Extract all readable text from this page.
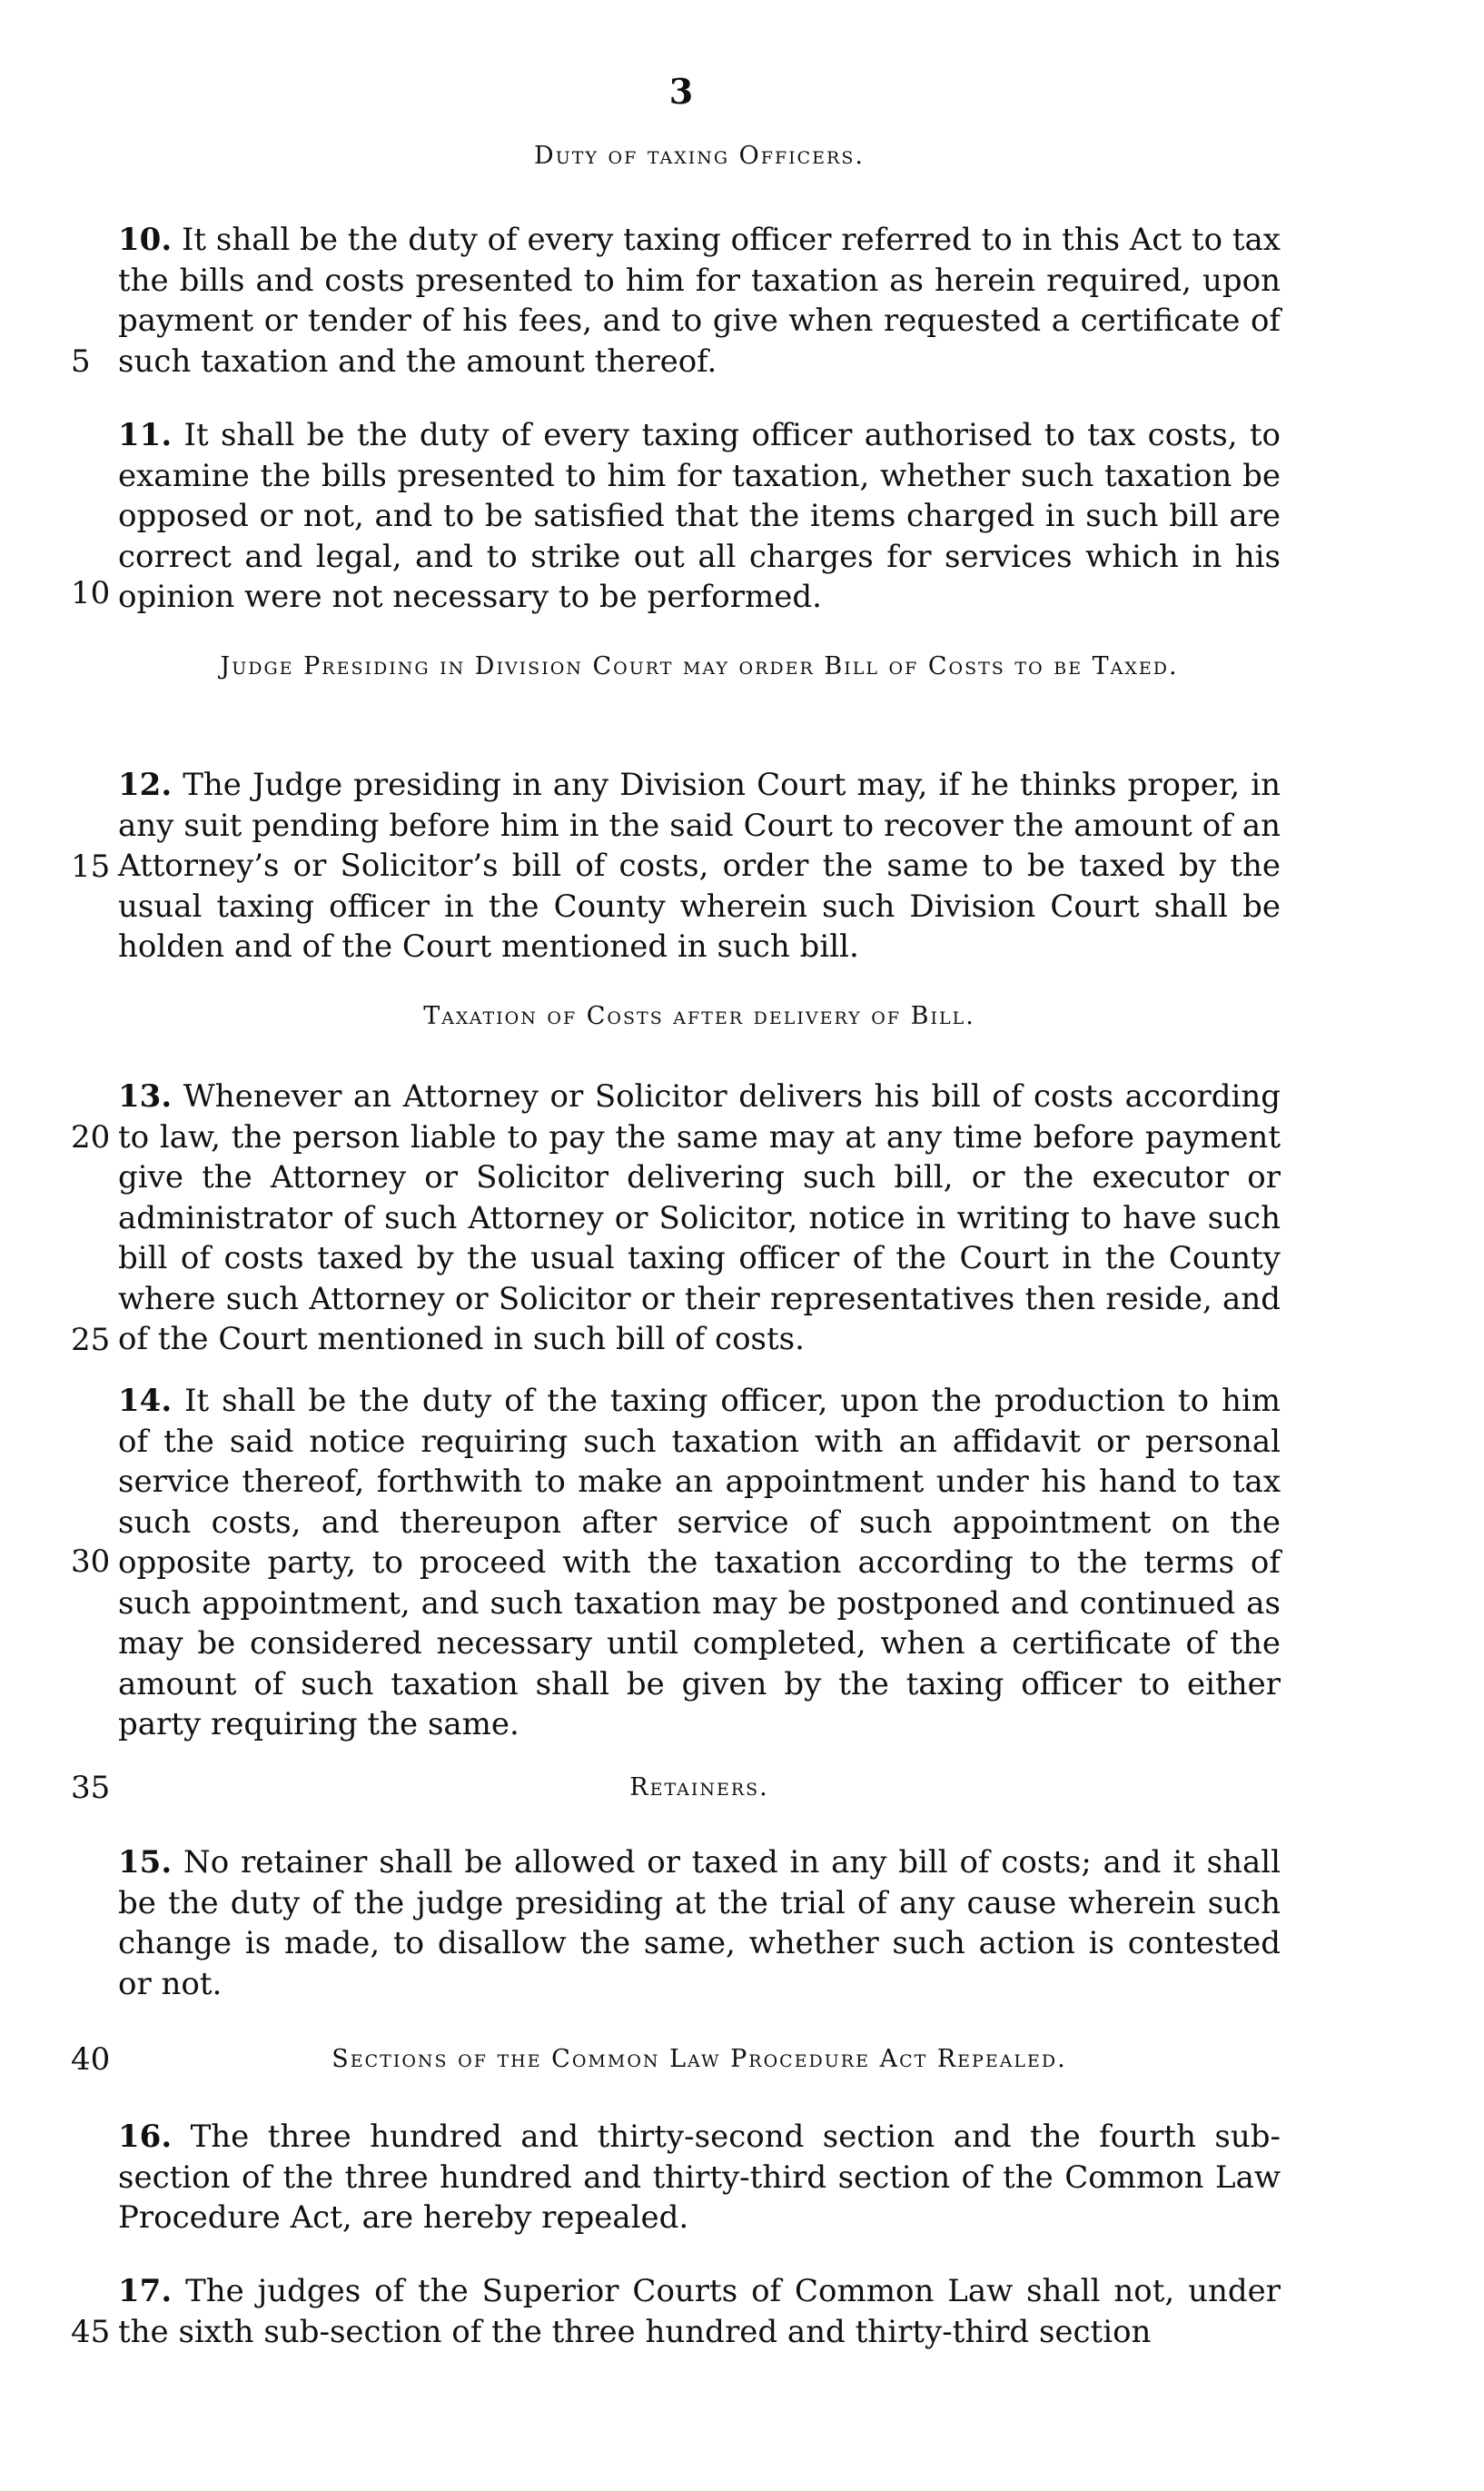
3
Duty of taxing Officers.
10. It shall be the duty of every taxing officer referred to in this Act to tax the bills and costs presented to him for taxation as herein required, upon payment or tender of his fees, and to give when requested a certificate of such taxation and the amount thereof.
11. It shall be the duty of every taxing officer authorised to tax costs, to examine the bills presented to him for taxation, whether such taxation be opposed or not, and to be satisfied that the items charged in such bill are correct and legal, and to strike out all charges for services which in his opinion were not necessary to be performed.
Judge Presiding in Division Court may order Bill of Costs to be Taxed.
12. The Judge presiding in any Division Court may, if he thinks proper, in any suit pending before him in the said Court to recover the amount of an Attorney’s or Solicitor’s bill of costs, order the same to be taxed by the usual taxing officer in the County wherein such Division Court shall be holden and of the Court mentioned in such bill.
Taxation of Costs after delivery of Bill.
13. Whenever an Attorney or Solicitor delivers his bill of costs according to law, the person liable to pay the same may at any time before payment give the Attorney or Solicitor delivering such bill, or the executor or administrator of such Attorney or Solicitor, notice in writing to have such bill of costs taxed by the usual taxing officer of the Court in the County where such Attorney or Solicitor or their representatives then reside, and of the Court mentioned in such bill of costs.
14. It shall be the duty of the taxing officer, upon the production to him of the said notice requiring such taxation with an affidavit or personal service thereof, forthwith to make an appointment under his hand to tax such costs, and thereupon after service of such appointment on the opposite party, to proceed with the taxation according to the terms of such appointment, and such taxation may be postponed and continued as may be considered necessary until completed, when a certificate of the amount of such taxation shall be given by the taxing officer to either party requiring the same.
Retainers.
15. No retainer shall be allowed or taxed in any bill of costs; and it shall be the duty of the judge presiding at the trial of any cause wherein such change is made, to disallow the same, whether such action is contested or not.
Sections of the Common Law Procedure Act Repealed.
16. The three hundred and thirty-second section and the fourth sub-section of the three hundred and thirty-third section of the Common Law Procedure Act, are hereby repealed.
17. The judges of the Superior Courts of Common Law shall not, under the sixth sub-section of the three hundred and thirty-third section
5
10
15
20
25
30
35
40
45
